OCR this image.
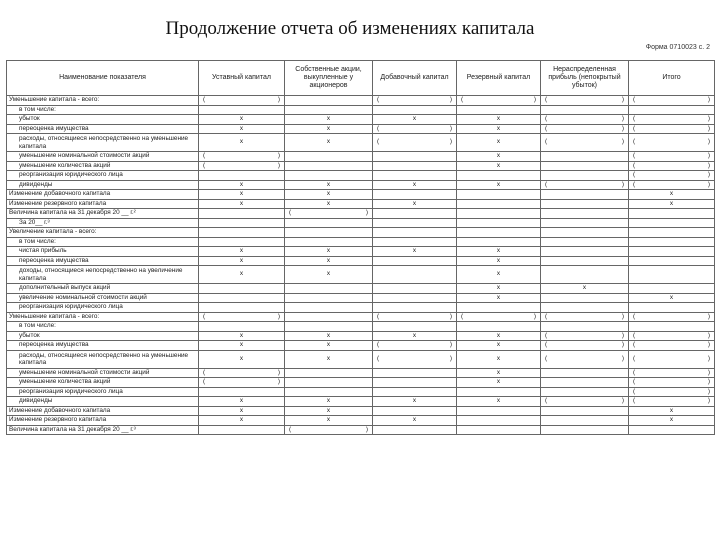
Продолжение отчета об изменениях капитала
Форма 0710023 с. 2
Наименование показателя	Уставный капитал	Собственные акции, выкупленные у акционеров	Добавочный капитал	Резервный капитал	Нераспределенная прибыль (непокрытый убыток)	Итого
Уменьшение капитала - всего:	( )		( )	( )	( )	( )

в том числе:						
убыток	x	x	x	x	( )	( )

переоценка имущества	x	x	( )	x	( )	( )

расходы, относящиеся непосредственно на уменьшение капитала	x	x	( )	x	( )	( )

уменьшение номинальной стоимости акций	( )			x		( )

уменьшение количества акций	( )			x		( )

реорганизация юридического лица						( )

дивиденды	x	x	x	x	( )	( )

Изменение добавочного капитала	x	x				x
Изменение резервного капитала	x	x	x			x
Величина капитала на 31 декабря 20 __ г.²		( )				

За 20__ г.³						
Увеличение капитала - всего:						
в том числе:						
чистая прибыль	x	x	x	x		
переоценка имущества	x	x		x		
доходы, относящиеся непосредственно на увеличение капитала	x	x		x		
дополнительный выпуск акций				x	x	
увеличение номинальной стоимости акций				x		x
реорганизация юридического лица						
Уменьшение капитала - всего:	( )		( )	( )	( )	( )

в том числе:						
убыток	x	x	x	x	( )	( )

переоценка имущества	x	x	( )	x	( )	( )

расходы, относящиеся непосредственно на уменьшение капитала	x	x	( )	x	( )	( )

уменьшение номинальной стоимости акций	( )			x		( )

уменьшение количества акций	( )			x		( )

реорганизация юридического лица						( )

дивиденды	x	x	x	x	( )	( )

Изменение добавочного капитала	x	x				x
Изменение резервного капитала	x	x	x			x
Величина капитала на 31 декабря 20 __ г.³		( )				
